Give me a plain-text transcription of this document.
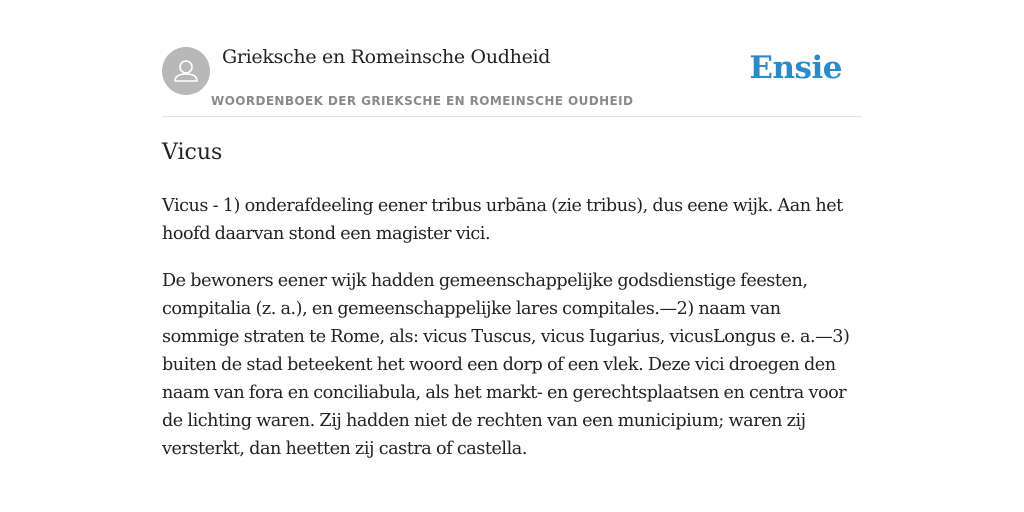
Grieksche en Romeinsche Oudheid
WOORDENBOEK DER GRIEKSCHE EN ROMEINSCHE OUDHEID
Ensie
Vicus

Vicus - 1) onderafdeeling eener tribus urbāna (zie tribus), dus eene wijk. Aan het hoofd daarvan stond een magister vici.

De bewoners eener wijk hadden gemeenschappelijke godsdienstige feesten, compitalia (z. a.), en gemeenschappelijke lares compitales.—2) naam van sommige straten te Rome, als: vicus Tuscus, vicus Iugarius, vicusLongus e. a.—3) buiten de stad beteekent het woord een dorp of een vlek. Deze vici droegen den naam van fora en conciliabula, als het markt- en gerechtsplaatsen en centra voor de lichting waren. Zij hadden niet de rechten van een municipium; waren zij versterkt, dan heetten zij castra of castella.
